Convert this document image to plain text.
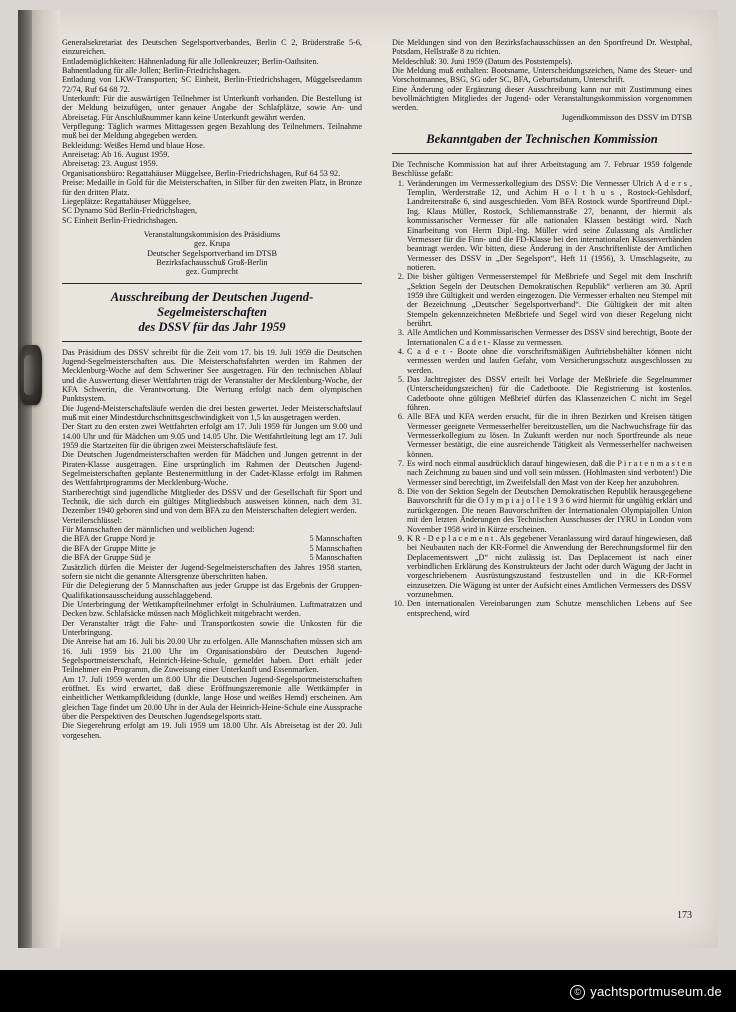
Generalsekretariat des Deutschen Segelsportverbandes, Berlin C 2, Brüderstraße 5-6, einzureichen.

Entlademöglichkeiten: Hähnenladung für alle Jollenkreuzer; Berlin-Oathsiten.

Bahnentladung für alle Jollen; Berlin-Friedrichshagen.

Entladung von LKW-Transporten; SC Einheit, Berlin-Friedrichshagen, Müggelseedamm 72/74, Ruf 64 68 72.

Unterkunft: Für die auswärtigen Teilnehmer ist Unterkunft vorhanden. Die Bestellung ist der Meldung beizufügen, unter genauer Angabe der Schlafplätze, sowie An- und Abreisetag. Für Anschlußnummer kann keine Unterkunft gewährt werden.

Verpflegung: Täglich warmes Mittagessen gegen Bezahlung des Teilnehmers. Teilnahme muß bei der Meldung abgegeben werden.

Bekleidung: Weißes Hemd und blaue Hose.

Anreisetag: Ab 16. August 1959.

Abreisetag: 23. August 1959.

Organisationsbüro: Regattahäuser Müggelsee, Berlin-Friedrichshagen, Ruf 64 53 92.

Preise: Medaille in Gold für die Meisterschaften, in Silber für den zweiten Platz, in Bronze für den dritten Platz.

Liegeplätze: Regattahäuser Müggelsee,

SC Dynamo Süd Berlin-Friedrichshagen,

SC Einheit Berlin-Friedrichshagen.

Veranstaltungskommision des Präsidiums

gez. Krupa

Deutscher Segelsportverband im DTSB

Bezirksfachausschuß Groß-Berlin

gez. Gumprecht

Ausschreibung der Deutschen Jugend-Segelmeisterschaften
des DSSV für das Jahr 1959

Das Präsidium des DSSV schreibt für die Zeit vom 17. bis 19. Juli 1959 die Deutschen Jugend-Segelmeisterschaften aus. Die Meisterschaftsfahrten werden im Rahmen der Mecklenburg-Woche auf dem Schweriner See ausgetragen. Für den technischen Ablauf und die Auswertung dieser Wettfahrten trägt der Veranstalter der Mecklenburg-Woche, der KFA Schwerin, die Verantwortung. Die Wertung erfolgt nach dem olympischen Punktsystem.

Die Jugend-Meisterschaftsläufe werden die drei besten gewertet. Jeder Meisterschaftslauf muß mit einer Mindestdurchschnittsgeschwindigkeit von 1,5 kn ausgetragen werden.

Der Start zu den ersten zwei Wettfahrten erfolgt am 17. Juli 1959 für Jungen um 9.00 und 14.00 Uhr und für Mädchen um 9.05 und 14.05 Uhr. Die Wettfahrtleitung legt am 17. Juli 1959 die Startzeiten für die übrigen zwei Meisterschaftsläufe fest.

Die Deutschen Jugendmeisterschaften werden für Mädchen und Jungen getrennt in der Piraten-Klasse ausgetragen. Eine ursprünglich im Rahmen der Deutschen Jugend-Segelmeisterschaften geplante Bestenermittlung in der Cadet-Klasse erfolgt im Rahmen des Wettfahrtprogramms der Mecklenburg-Woche.

Startberechtigt sind jugendliche Mitglieder des DSSV und der Gesellschaft für Sport und Technik, die sich durch ein gültiges Mitgliedsbuch ausweisen können, nach dem 31. Dezember 1940 geboren sind und von dem BFA zu den Meisterschaften delegiert werden.

Verteilerschlüssel:

Für Mannschaften der männlichen und weiblichen Jugend:

die BFA der Gruppe Nord je	5 Mannschaften
die BFA der Gruppe Mitte je	5 Mannschaften
die BFA der Gruppe Süd je	5 Mannschaften

Zusätzlich dürfen die Meister der Jugend-Segelmeisterschaften des Jahres 1958 starten, sofern sie nicht die genannte Altersgrenze überschritten haben.

Für die Delegierung der 5 Mannschaften aus jeder Gruppe ist das Ergebnis der Gruppen-Qualifikationsausscheidung ausschlaggebend.

Die Unterbringung der Wettkampfteilnehmer erfolgt in Schulräumen. Luftmatratzen und Decken bzw. Schlafsäcke müssen nach Möglichkeit mitgebracht werden.

Der Veranstalter trägt die Fahr- und Transportkosten sowie die Unkosten für die Unterbringung.

Die Anreise hat am 16. Juli bis 20.00 Uhr zu erfolgen. Alle Mannschaften müssen sich am 16. Juli 1959 bis 21.00 Uhr im Organisationsbüro der Deutschen Jugend-Segelsportmeisterschaft, Heinrich-Heine-Schule, gemeldet haben. Dort erhält jeder Teilnehmer ein Programm, die Zuweisung einer Unterkunft und Essenmarken.

Am 17. Juli 1959 werden um 8.00 Uhr die Deutschen Jugend-Segelsportmeisterschaften eröffnet. Es wird erwartet, daß diese Eröffnungszeremonie alle Wettkämpfer in einheitlicher Wettkampfkleidung (dunkle, lange Hose und weißes Hemd) erscheinen. Am gleichen Tage findet um 20.00 Uhr in der Aula der Heinrich-Heine-Schule eine Aussprache über die Perspektiven des Deutschen Jugendsegelsports statt.

Die Siegerehrung erfolgt am 19. Juli 1959 um 18.00 Uhr. Als Abreisetag ist der 20. Juli vorgesehen.

Die Meldungen sind von den Bezirksfachausschüssen an den Sportfreund Dr. Westphal, Potsdam, Hellstraße 8 zu richten.

Meldeschluß: 30. Juni 1959 (Datum des Poststempels).

Die Meldung muß enthalten: Bootsname, Unterscheidungszeichen, Name des Steuer- und Vorschotmannes, BSG, SG oder SC, BFA, Geburtsdatum, Unterschrift.

Eine Änderung oder Ergänzung dieser Ausschreibung kann nur mit Zustimmung eines bevollmächtigten Mitgliedes der Jugend- oder Veranstaltungskommission vorgenommen werden.

Jugendkommisson des DSSV im DTSB

Bekanntgaben der Technischen Kommission

Die Technische Kommission hat auf ihrer Arbeitstagung am 7. Februar 1959 folgende Beschlüsse gefaßt:

1. Veränderungen im Vermesserkollegium des DSSV: Die Vermesser Ulrich A d e r s , Templin, Werderstraße 12, und Achim H o l t h u s , Rostock-Gehlsdorf, Landreiterstraße 6, sind ausgeschieden. Vom BFA Rostock wurde Sportfreund Dipl.-Ing. Klaus Müller, Rostock, Schliemannstraße 27, benannt, der hiermit als kommissarischer Vermesser für alle nationalen Klassen bestätigt wird. Nach Einarbeitung von Herrn Dipl.-Ing. Müller wird seine Zulassung als Amtlicher Vermesser für die Finn- und die FD-Klasse bei den internationalen Klassenverbänden beantragt werden. Wir bitten, diese Änderung in der Anschriftenliste der Amtlichen Vermesser des DSSV in „Der Segelsport“, Heft 11 (1956), 3. Umschlagseite, zu notieren.
2. Die bisher gültigen Vermesserstempel für Meßbriefe und Segel mit dem Inschrift „Sektion Segeln der Deutschen Demokratischen Republik“ verlieren am 30. April 1959 ihre Gültigkeit und werden eingezogen. Die Vermesser erhalten neu Stempel mit der Bezeichnung „Deutscher Segelsportverband“. Die Gültigkeit der mit alten Stempeln gekennzeichneten Meßbriefe und Segel wird von dieser Regelung nicht berührt.
3. Alle Amtlichen und Kommissarischen Vermesser des DSSV sind berechtigt, Boote der Internationalen C a d e t - Klasse zu vermessen.
4. C a d e t - Boote ohne die vorschriftsmäßigen Auftriebsbehälter können nicht vermessen werden und laufen Gefahr, vom Versicherungsschutz ausgeschlossen zu werden.
5. Das Jachtregister des DSSV erteilt bei Vorlage der Meßbriefe die Segelnummer (Unterscheidungszeichen) für die Cadetboote. Die Registrierung ist kostenlos. Cadetboote ohne gültigen Meßbrief dürfen das Klassenzeichen C nicht im Segel führen.
6. Alle BFA und KFA werden ersucht, für die in ihren Bezirken und Kreisen tätigen Vermesser geeignete Vermesserhelfer bereitzustellen, um die Nachwuchsfrage für das Vermesserkollegium zu lösen. In Zukunft werden nur noch Sportfreunde als neue Vermesser bestätigt, die eine ausreichende Tätigkeit als Vermesserhelfer nachweisen können.
7. Es wird noch einmal ausdrücklich darauf hingewiesen, daß die P i r a t e n m a s t e n nach Zeichnung zu bauen sind und voll sein müssen. (Hohlmasten sind verboten!) Die Vermesser sind berechtigt, im Zweifelsfall den Mast von der Keep her anzubohren.
8. Die von der Sektion Segeln der Deutschen Demokratischen Republik herausgegebene Bauvorschrift für die O l y m p i a j o l l e 1 9 3 6 wird hiermit für ungültig erklärt und zurückgezogen. Die neuen Bauvorschriften der Internationalen Olympiajollen Union mit den letzten Änderungen des Technischen Ausschusses der IYRU in London vom November 1958 wird in Kürze erscheinen.
9. K R - D e p l a c e m e n t . Als gegebener Veranlassung wird darauf hingewiesen, daß bei Neubauten nach der KR-Formel die Anwendung der Berechnungsformel für den Deplacementswert „D“ nicht zulässig ist. Das Deplacement ist nach einer verbindlichen Erklärung des Konstrukteurs der Jacht oder durch Wägung der Jacht in vorgeschriebenem Ausrüstungszustand festzustellen und in die KR-Formel einzusetzen. Die Wägung ist unter der Aufsicht eines Amtlichen Vermessers des DSSV vorzunehmen.
10. Den internationalen Vereinbarungen zum Schutze menschlichen Lebens auf See entsprechend, wird
173
© yachtsportmuseum.de
